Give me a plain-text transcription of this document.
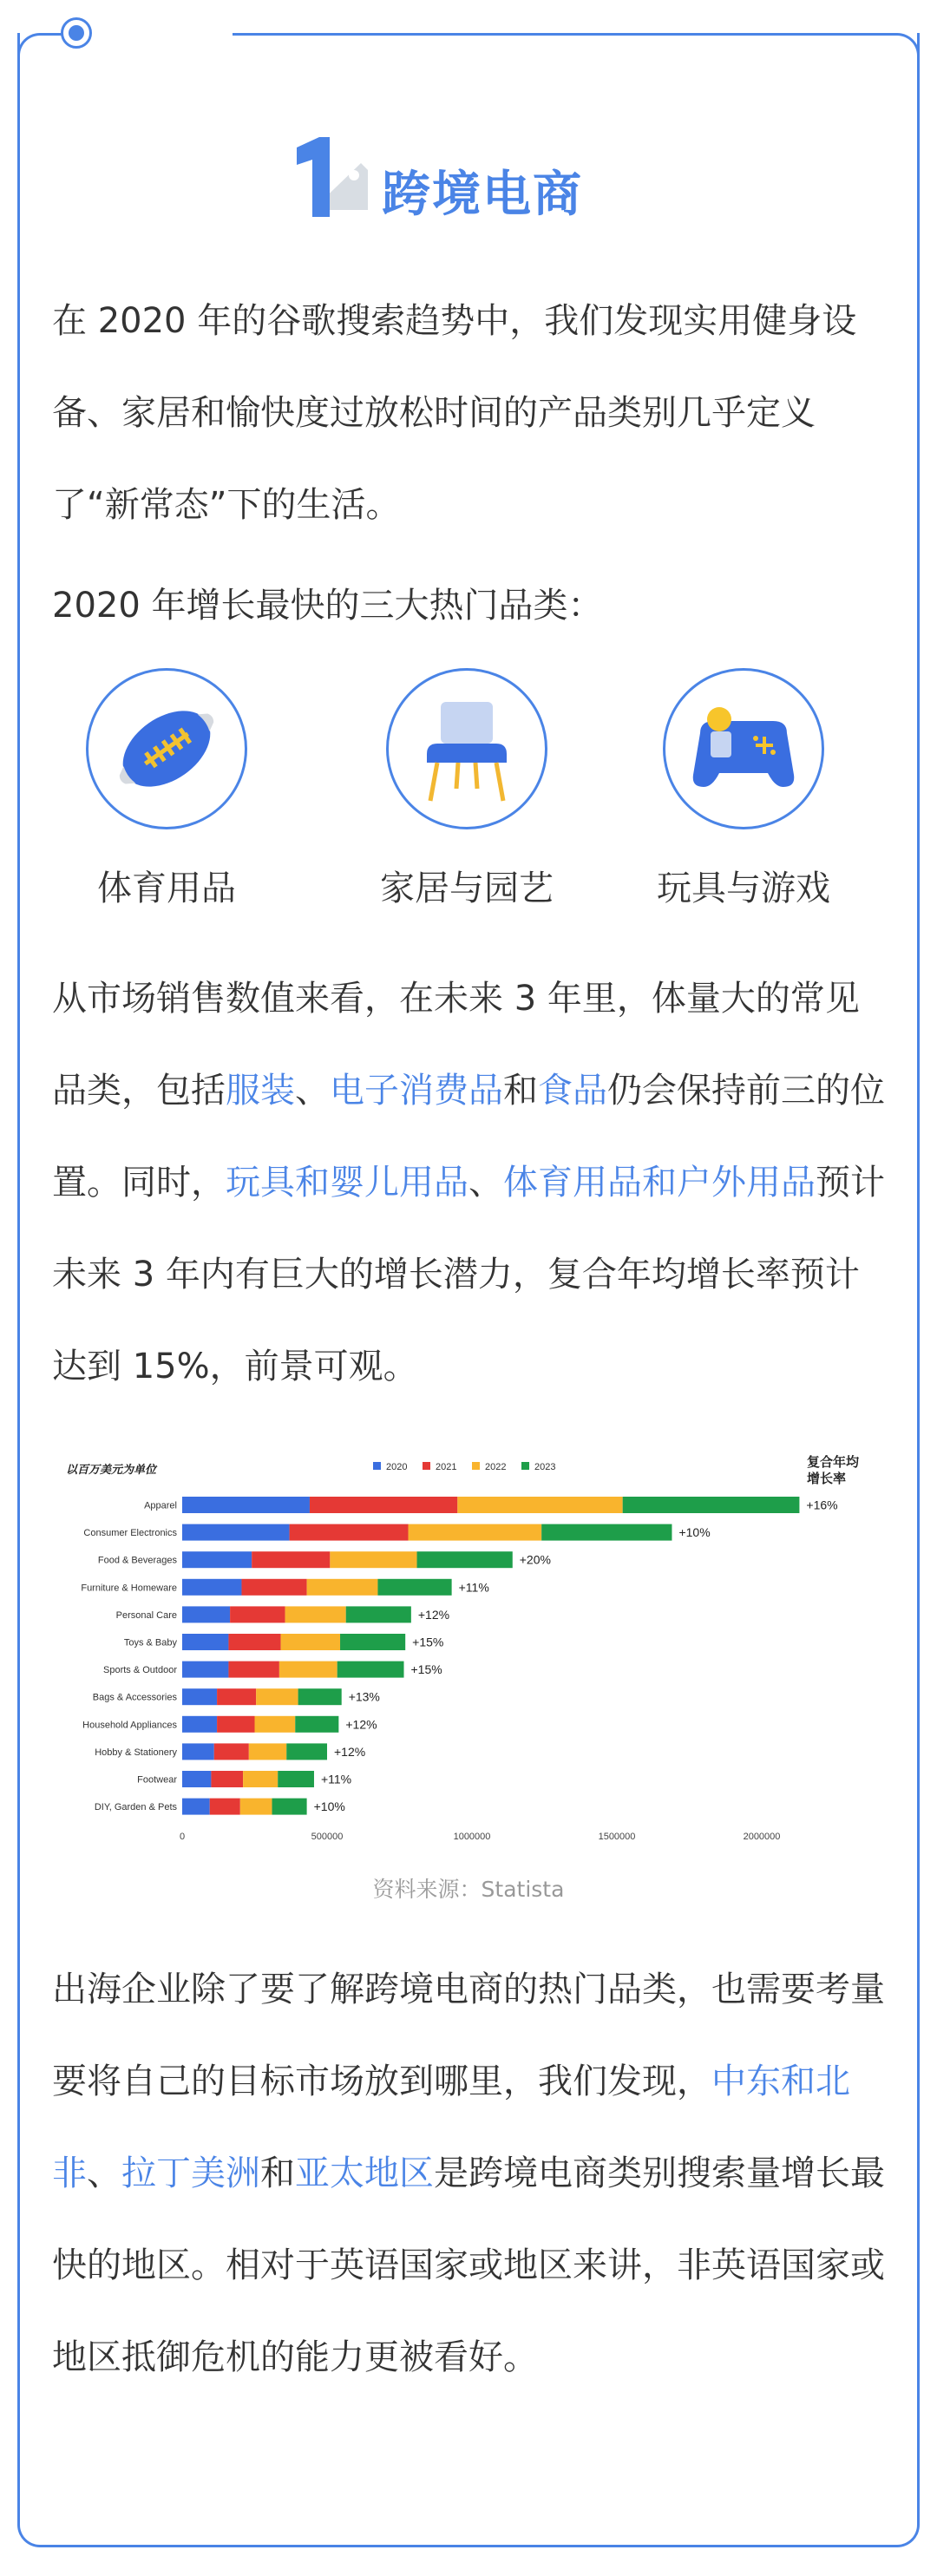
跨境电商
在 2020 年的谷歌搜索趋势中，我们发现实用健身设备、家居和愉快度过放松时间的产品类别几乎定义了“新常态”下的生活。
2020 年增长最快的三大热门品类：
体育用品	家居与园艺	玩具与游戏
从市场销售数值来看，在未来 3 年里，体量大的常见品类，包括服装、电子消费品和食品仍会保持前三的位置。同时，玩具和婴儿用品、体育用品和户外用品预计未来 3 年内有巨大的增长潜力，复合年均增长率预计达到 15%，前景可观。
以百万美元为单位	2020	2021	2022	2023	复合年均
增长率
Apparel	+16%
Consumer Electronics	+10%
Food & Beverages	+20%
Furniture & Homeware	+11%
Personal Care	+12%
Toys & Baby	+15%
Sports & Outdoor	+15%
Bags & Accessories	+13%
Household Appliances	+12%
Hobby & Stationery	+12%
Footwear	+11%
DIY, Garden & Pets	+10%
0	500000	1000000	1500000	2000000
资料来源：Statista
出海企业除了要了解跨境电商的热门品类，也需要考量要将自己的目标市场放到哪里，我们发现，中东和北非、拉丁美洲和亚太地区是跨境电商类别搜索量增长最快的地区。相对于英语国家或地区来讲，非英语国家或地区抵御危机的能力更被看好。
